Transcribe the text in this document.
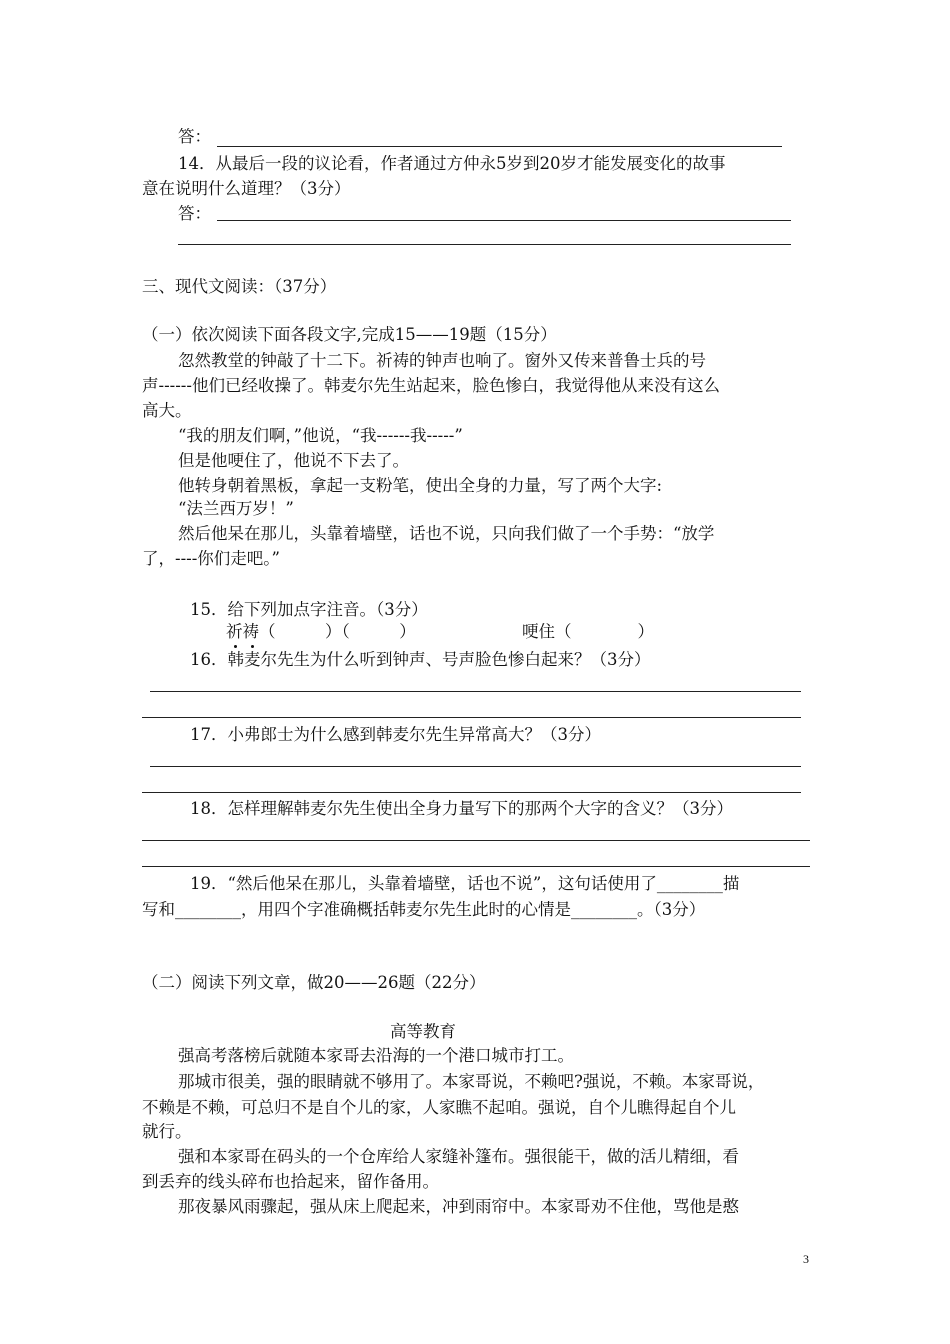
答：
14．从最后一段的议论看，作者通过方仲永5岁到20岁才能发展变化的故事
意在说明什么道理？（3分）
答：
三、现代文阅读：（37分）
（一）依次阅读下面各段文字,完成15——19题（15分）
忽然教堂的钟敲了十二下。祈祷的钟声也响了。窗外又传来普鲁士兵的号
声------他们已经收操了。韩麦尔先生站起来，脸色惨白，我觉得他从来没有这么
高大。
“我的朋友们啊，”他说，“我------我-----”
但是他哽住了，他说不下去了。
他转身朝着黑板，拿起一支粉笔，使出全身的力量，写了两个大字:
“法兰西万岁！”
然后他呆在那儿，头靠着墙壁，话也不说，只向我们做了一个手势：“放学
了，----你们走吧。”
15．给下列加点字注音。（3分）
祈祷（　　　）（　　　）	哽住（　　　　）
16．韩麦尔先生为什么听到钟声、号声脸色惨白起来？（3分）
17．小弗郎士为什么感到韩麦尔先生异常高大？（3分）
18．怎样理解韩麦尔先生使出全身力量写下的那两个大字的含义？（3分）
19．“然后他呆在那儿，头靠着墙壁，话也不说”，这句话使用了________描
写和________，用四个字准确概括韩麦尔先生此时的心情是________。（3分）
（二）阅读下列文章，做20——26题（22分）
高等教育
强高考落榜后就随本家哥去沿海的一个港口城市打工。
那城市很美，强的眼睛就不够用了。本家哥说，不赖吧?强说，不赖。本家哥说，
不赖是不赖，可总归不是自个儿的家，人家瞧不起咱。强说，自个儿瞧得起自个儿
就行。
强和本家哥在码头的一个仓库给人家缝补篷布。强很能干，做的活儿精细，看
到丢弃的线头碎布也拾起来，留作备用。
那夜暴风雨骤起，强从床上爬起来，冲到雨帘中。本家哥劝不住他，骂他是憨
3
